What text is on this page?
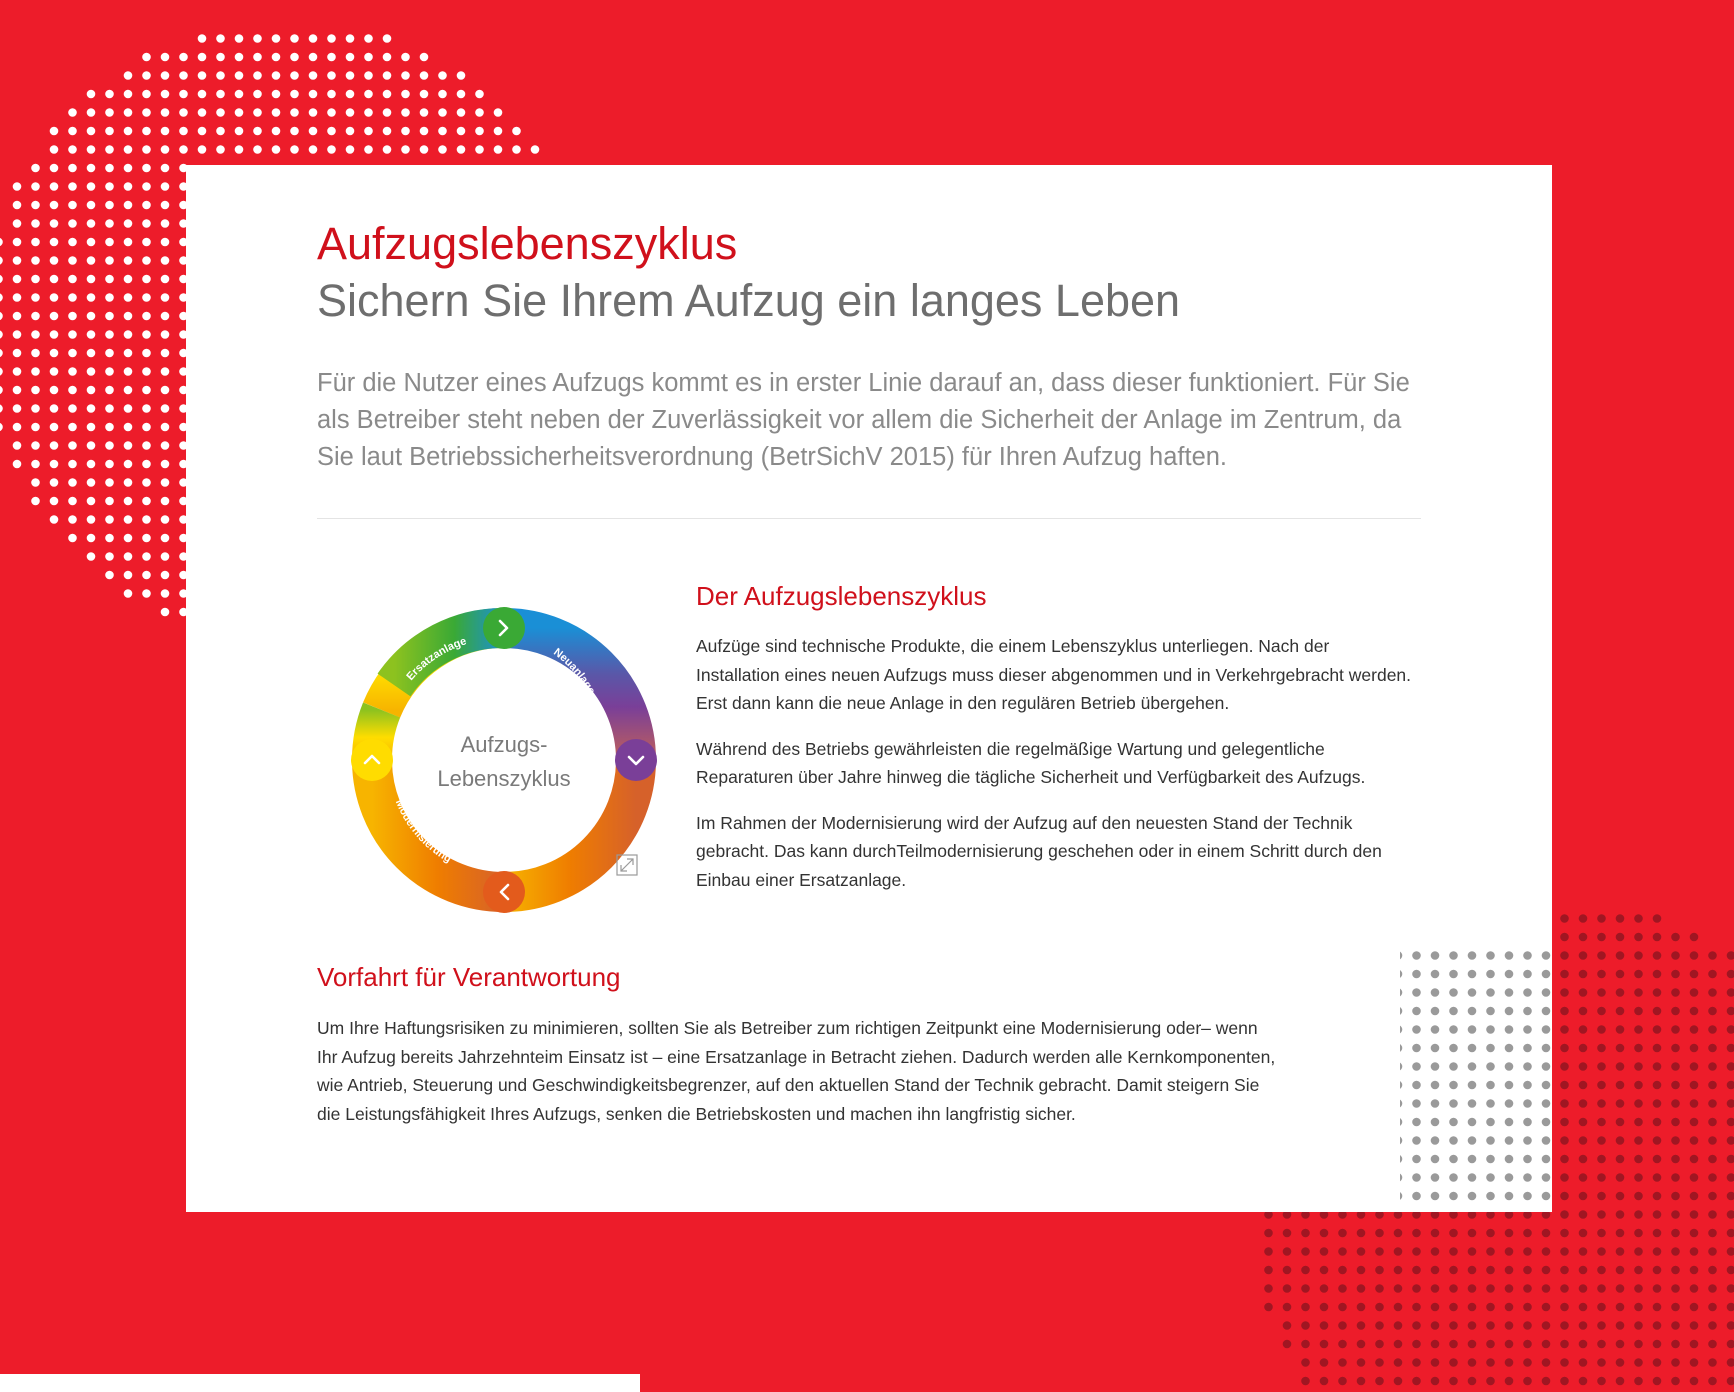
Aufzugslebenszyklus
Sichern Sie Ihrem Aufzug ein langes Leben

Für die Nutzer eines Aufzugs kommt es in erster Linie darauf an, dass dieser funktioniert. Für Sie als Betreiber steht neben der Zuverlässigkeit vor allem die Sicherheit der Anlage im Zentrum, da Sie laut Betriebssicherheitsverordnung (BetrSichV 2015) für Ihren Aufzug haften.

Ersatzanlage
Neuanlage
Reparatur & Wartung
Modernisierung
Aufzugs-
Lebenszyklus
Der Aufzugslebenszyklus

Aufzüge sind technische Produkte, die einem Lebenszyklus unterliegen. Nach der Installation eines neuen Aufzugs muss dieser abgenommen und in Verkehrgebracht werden. Erst dann kann die neue Anlage in den regulären Betrieb übergehen.

Während des Betriebs gewährleisten die regelmäßige Wartung und gelegentliche Reparaturen über Jahre hinweg die tägliche Sicherheit und Verfügbarkeit des Aufzugs.

Im Rahmen der Modernisierung wird der Aufzug auf den neuesten Stand der Technik gebracht. Das kann durchTeilmodernisierung geschehen oder in einem Schritt durch den Einbau einer Ersatzanlage.

Vorfahrt für Verantwortung

Um Ihre Haftungsrisiken zu minimieren, sollten Sie als Betreiber zum richtigen Zeitpunkt eine Modernisierung oder– wenn Ihr Aufzug bereits Jahrzehnteim Einsatz ist – eine Ersatzanlage in Betracht ziehen. Dadurch werden alle Kernkomponenten, wie Antrieb, Steuerung und Geschwindigkeitsbegrenzer, auf den aktuellen Stand der Technik gebracht. Damit steigern Sie die Leistungsfähigkeit Ihres Aufzugs, senken die Betriebskosten und machen ihn langfristig sicher.
